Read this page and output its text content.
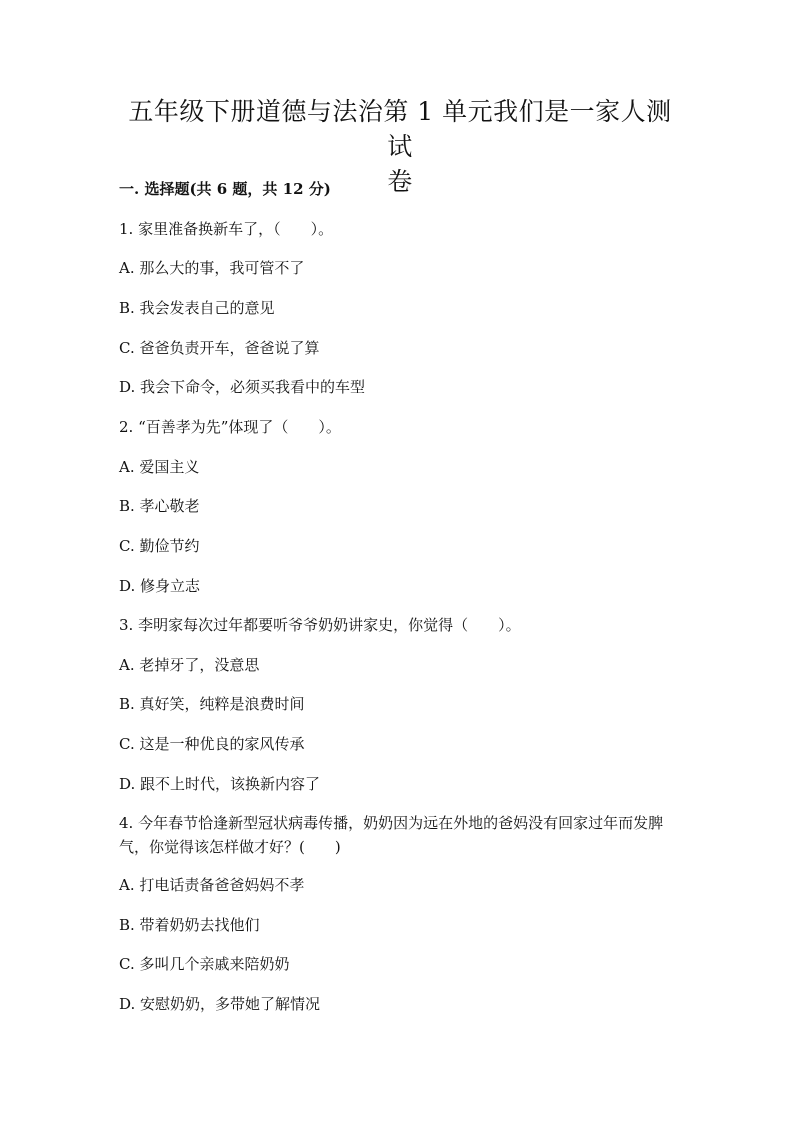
五年级下册道德与法治第 1 单元我们是一家人测试
卷
一. 选择题(共 6 题，共 12 分)
1. 家里准备换新车了，（　　）。
A. 那么大的事，我可管不了
B. 我会发表自己的意见
C. 爸爸负责开车，爸爸说了算
D. 我会下命令，必须买我看中的车型
2. “百善孝为先”体现了（　　）。
A. 爱国主义
B. 孝心敬老
C. 勤俭节约
D. 修身立志
3. 李明家每次过年都要听爷爷奶奶讲家史，你觉得（　　）。
A. 老掉牙了，没意思
B. 真好笑，纯粹是浪费时间
C. 这是一种优良的家风传承
D. 跟不上时代，该换新内容了
4. 今年春节恰逢新型冠状病毒传播，奶奶因为远在外地的爸妈没有回家过年而发脾气，你觉得该怎样做才好？(　　)
A. 打电话责备爸爸妈妈不孝
B. 带着奶奶去找他们
C. 多叫几个亲戚来陪奶奶
D. 安慰奶奶，多带她了解情况
